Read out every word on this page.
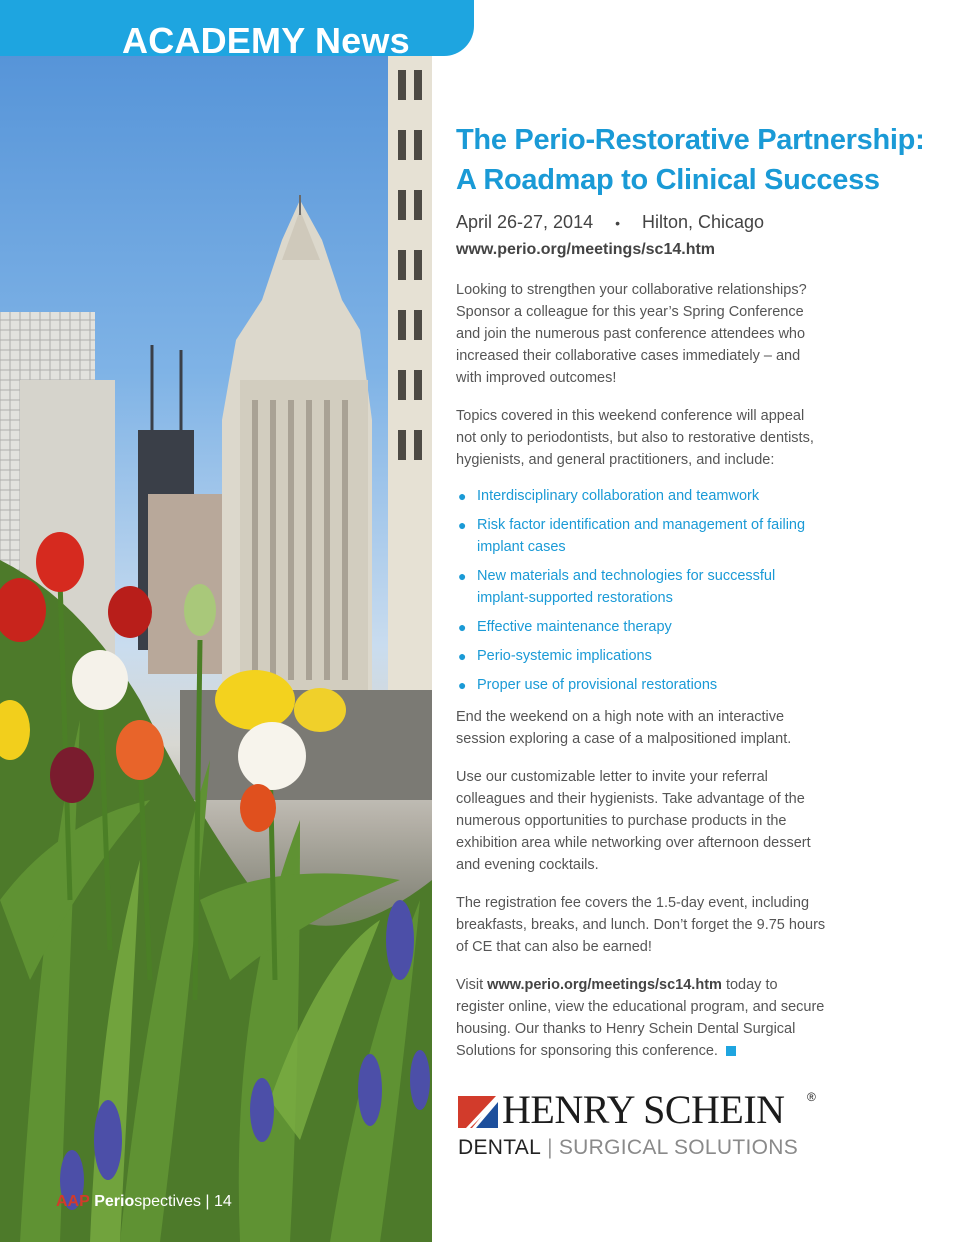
ACADEMY News
The Perio-Restorative Partnership:
A Roadmap to Clinical Success
April 26-27, 2014 • Hilton, Chicago
www.perio.org/meetings/sc14.htm

Looking to strengthen your collaborative relationships? Sponsor a colleague for this year’s Spring Conference and join the numerous past conference attendees who increased their collaborative cases immediately – and with improved outcomes!

Topics covered in this weekend conference will appeal not only to periodontists, but also to restorative dentists, hygienists, and general practitioners, and include:

● Interdisciplinary collaboration and teamwork
● Risk factor identification and management of failing implant cases
● New materials and technologies for successful implant-supported restorations
● Effective maintenance therapy
● Perio-systemic implications
● Proper use of provisional restorations

End the weekend on a high note with an interactive session exploring a case of a malpositioned implant.

Use our customizable letter to invite your referral colleagues and their hygienists. Take advantage of the numerous opportunities to purchase products in the exhibition area while networking over afternoon dessert and evening cocktails.

The registration fee covers the 1.5-day event, including breakfasts, breaks, and lunch. Don’t forget the 9.75 hours of CE that can also be earned!

Visit www.perio.org/meetings/sc14.htm today to register online, view the educational program, and secure housing. Our thanks to Henry Schein Dental Surgical Solutions for sponsoring this conference.

HENRY SCHEIN ®
DENTAL | SURGICAL SOLUTIONS
AAP Periospectives | 14
